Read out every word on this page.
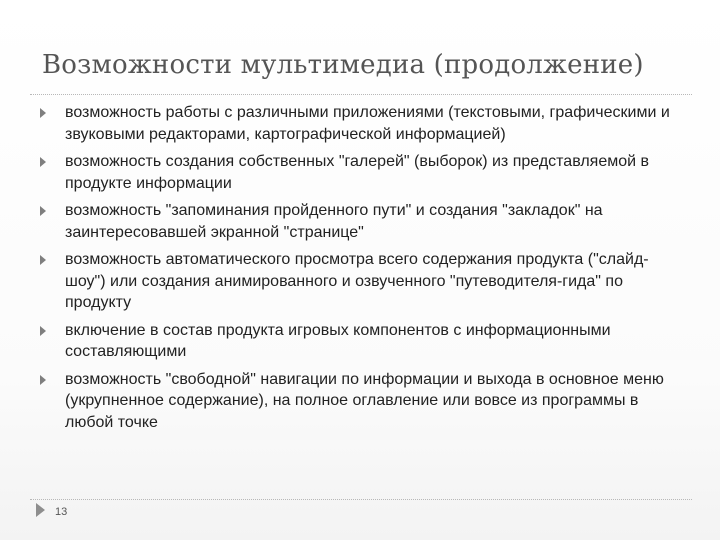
Возможности мультимедиа (продолжение)
возможность работы с различными приложениями (текстовыми, графическими и звуковыми редакторами, картографической информацией)
возможность создания собственных "галерей" (выборок) из представляемой в продукте информации
возможность "запоминания пройденного пути" и создания "закладок" на заинтересовавшей экранной "странице"
возможность автоматического просмотра всего содержания продукта ("слайд-шоу") или создания анимированного и озвученного "путеводителя-гида" по продукту
включение в состав продукта игровых компонентов с информационными составляющими
возможность "свободной" навигации по информации и выхода в основное меню (укрупненное содержание), на полное оглавление или вовсе из программы в любой точке
13
